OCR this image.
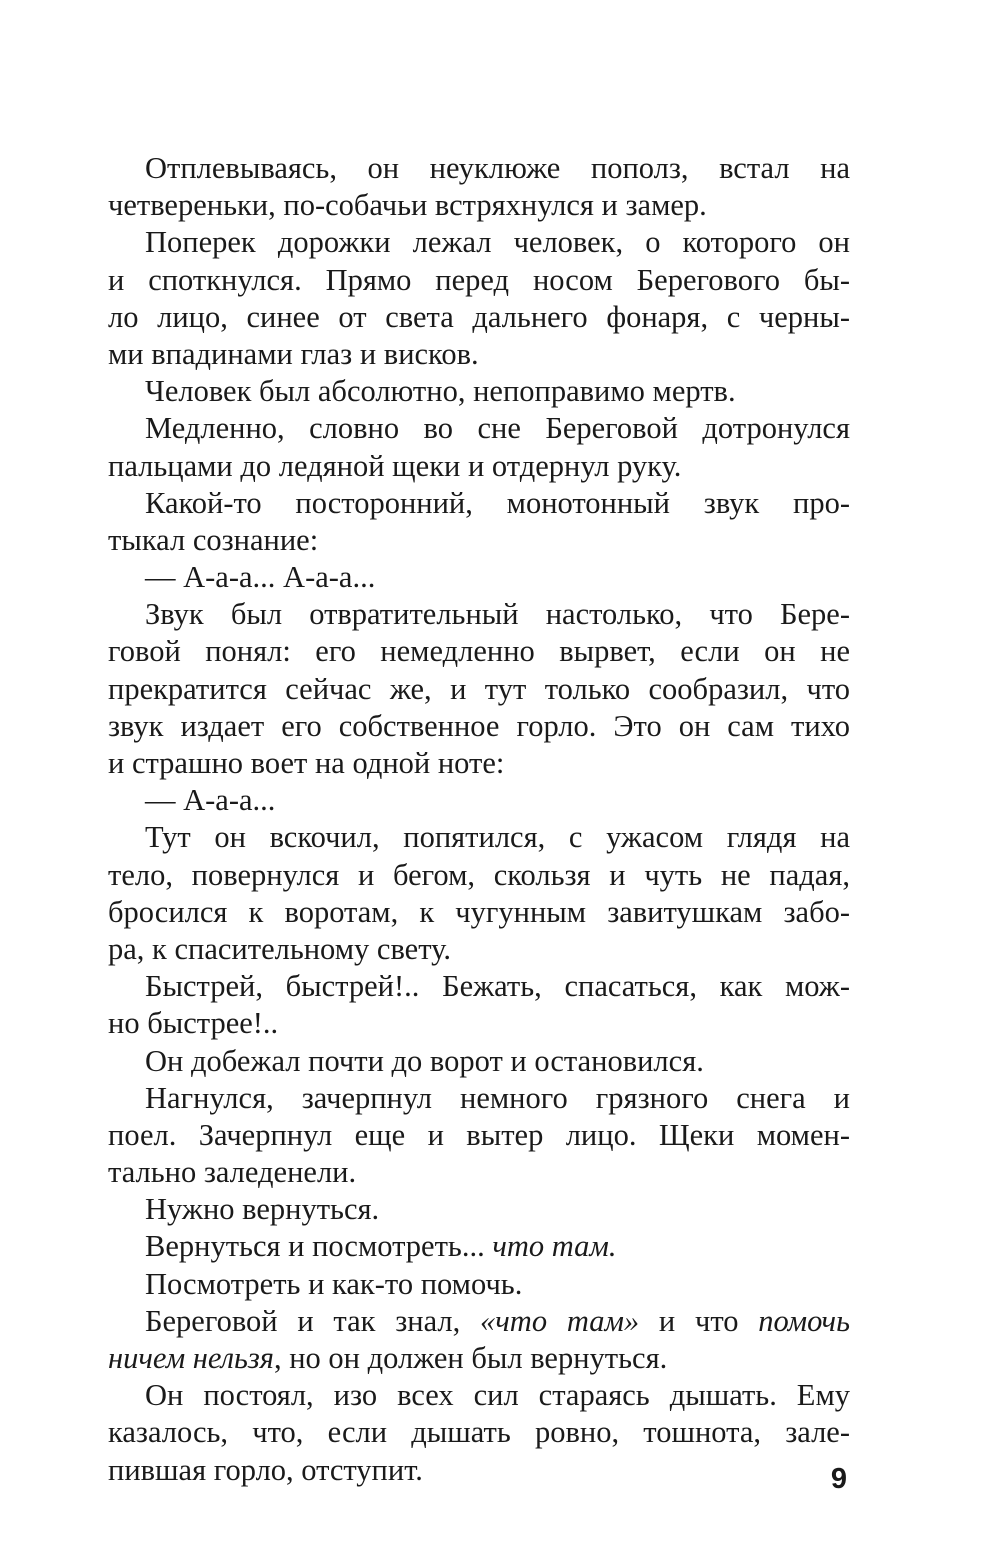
Отплевываясь, он неуклюже пополз, встал на
четвереньки, по-собачьи встряхнулся и замер.
Поперек дорожки лежал человек, о которого он
и споткнулся. Прямо перед носом Берегового бы-
ло лицо, синее от света дальнего фонаря, с черны-
ми впадинами глаз и висков.
Человек был абсолютно, непоправимо мертв.
Медленно, словно во сне Береговой дотронулся
пальцами до ледяной щеки и отдернул руку.
Какой-то посторонний, монотонный звук про-
тыкал сознание:
— А-а-а... А-а-а...
Звук был отвратительный настолько, что Бере-
говой понял: его немедленно вырвет, если он не
прекратится сейчас же, и тут только сообразил, что
звук издает его собственное горло. Это он сам тихо
и страшно воет на одной ноте:
— А-а-а...
Тут он вскочил, попятился, с ужасом глядя на
тело, повернулся и бегом, скользя и чуть не падая,
бросился к воротам, к чугунным завитушкам забо-
ра, к спасительному свету.
Быстрей, быстрей!.. Бежать, спасаться, как мож-
но быстрее!..
Он добежал почти до ворот и остановился.
Нагнулся, зачерпнул немного грязного снега и
поел. Зачерпнул еще и вытер лицо. Щеки момен-
тально заледенели.
Нужно вернуться.
Вернуться и посмотреть... что там.
Посмотреть и как-то помочь.
Береговой и так знал, «что там» и что помочь
ничем нельзя, но он должен был вернуться.
Он постоял, изо всех сил стараясь дышать. Ему
казалось, что, если дышать ровно, тошнота, зале-
пившая горло, отступит.	9
